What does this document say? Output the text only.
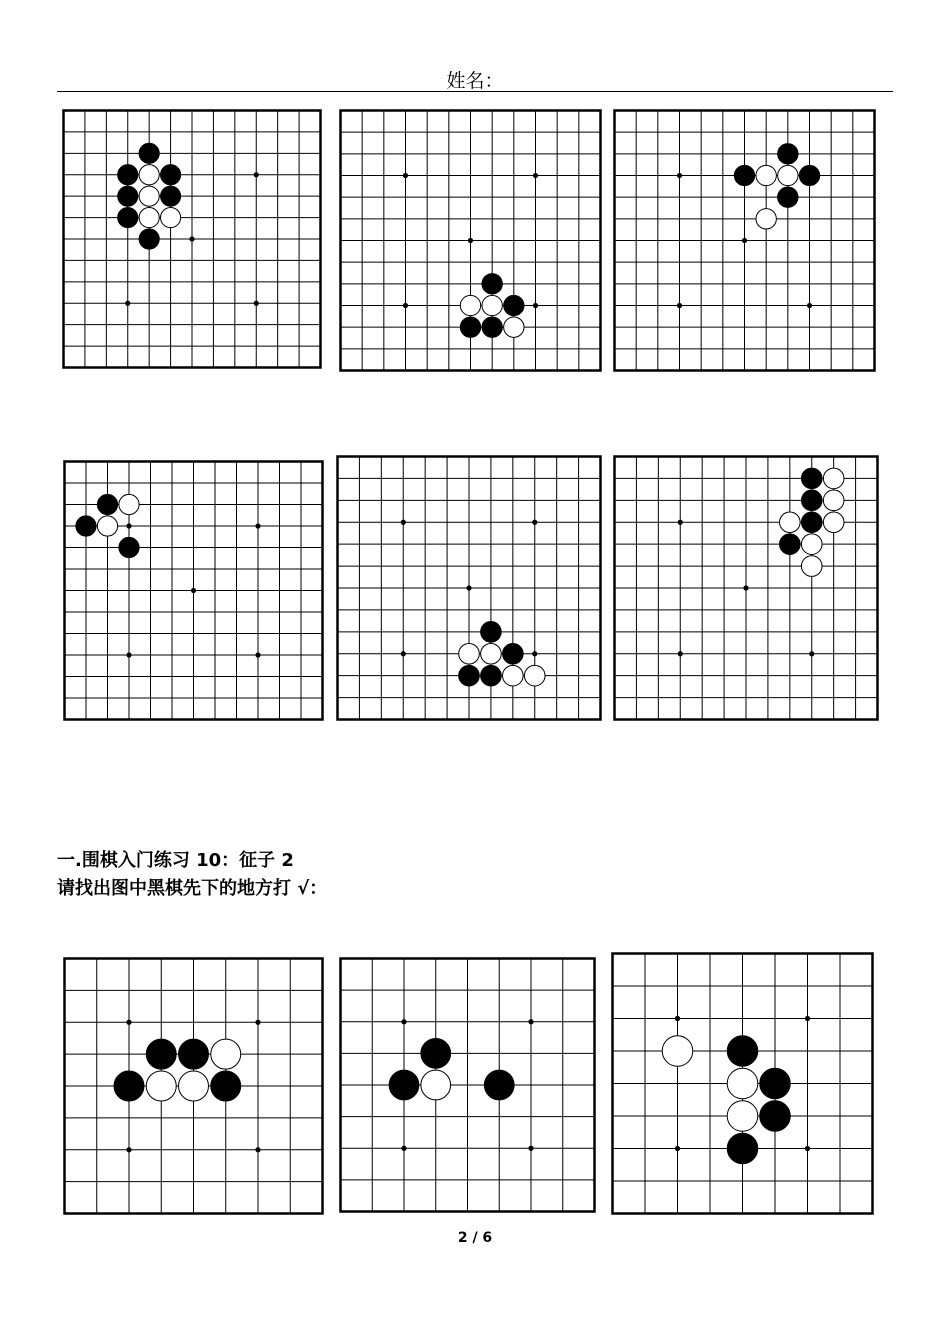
姓名：
一.围棋入门练习 10：征子 2
请找出图中黑棋先下的地方打 √：
2 / 6
